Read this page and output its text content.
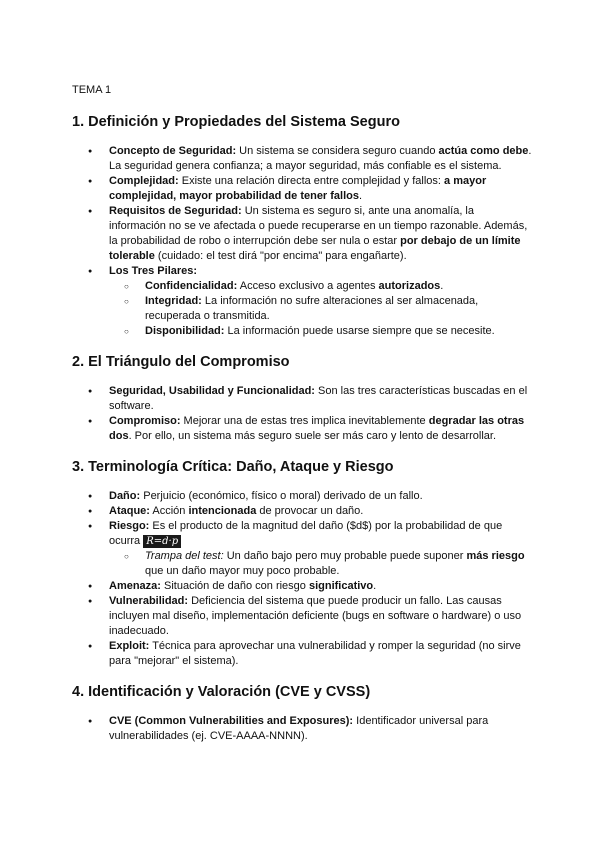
TEMA 1
1. Definición y Propiedades del Sistema Seguro
● Concepto de Seguridad: Un sistema se considera seguro cuando actúa como debe. La seguridad genera confianza; a mayor seguridad, más confiable es el sistema.
● Complejidad: Existe una relación directa entre complejidad y fallos: a mayor complejidad, mayor probabilidad de tener fallos.
● Requisitos de Seguridad: Un sistema es seguro si, ante una anomalía, la información no se ve afectada o puede recuperarse en un tiempo razonable. Además, la probabilidad de robo o interrupción debe ser nula o estar por debajo de un límite tolerable (cuidado: el test dirá "por encima" para engañarte).
● Los Tres Pilares:
○ Confidencialidad: Acceso exclusivo a agentes autorizados.
○ Integridad: La información no sufre alteraciones al ser almacenada, recuperada o transmitida.
○ Disponibilidad: La información puede usarse siempre que se necesite.
2. El Triángulo del Compromiso
● Seguridad, Usabilidad y Funcionalidad: Son las tres características buscadas en el software.
● Compromiso: Mejorar una de estas tres implica inevitablemente degradar las otras dos. Por ello, un sistema más seguro suele ser más caro y lento de desarrollar.
3. Terminología Crítica: Daño, Ataque y Riesgo
● Daño: Perjuicio (económico, físico o moral) derivado de un fallo.
● Ataque: Acción intencionada de provocar un daño.
● Riesgo: Es el producto de la magnitud del daño ($d$) por la probabilidad de que ocurra R=d·p
○ Trampa del test: Un daño bajo pero muy probable puede suponer más riesgo que un daño mayor muy poco probable.
● Amenaza: Situación de daño con riesgo significativo.
● Vulnerabilidad: Deficiencia del sistema que puede producir un fallo. Las causas incluyen mal diseño, implementación deficiente (bugs en software o hardware) o uso inadecuado.
● Exploit: Técnica para aprovechar una vulnerabilidad y romper la seguridad (no sirve para "mejorar" el sistema).
4. Identificación y Valoración (CVE y CVSS)
● CVE (Common Vulnerabilities and Exposures): Identificador universal para vulnerabilidades (ej. CVE-AAAA-NNNN).
